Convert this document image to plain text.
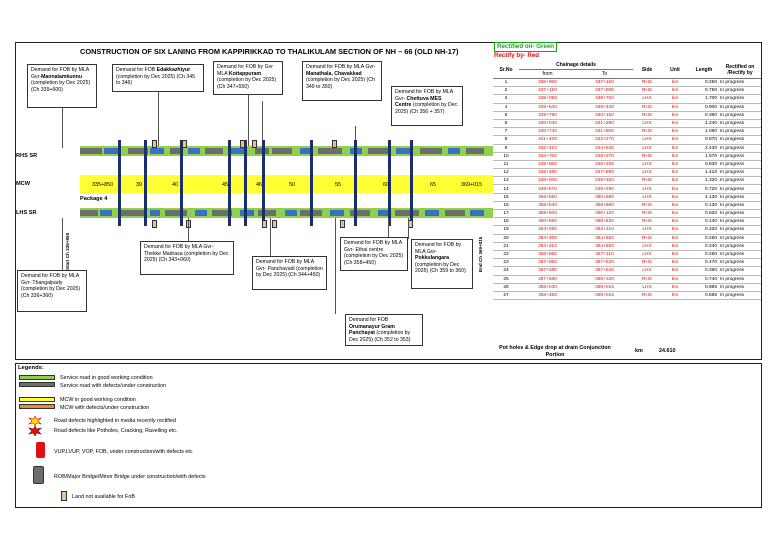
CONSTRUCTION OF SIX LANING FROM KAPPIRIKKAD TO THALIKULAM SECTION OF NH – 66 (OLD NH-17)
Rectified on- Green
Rectify by- Red
Demand for FOB by MLA Gvr-Mannalamkunnu (completion by Dec 2025) (Ch 339+600)
Demand for FOB Edakkazhiyur (completion by Dec 2025) (Ch 345 to 346)
Demand for FOB by Gvr MLA Kottappuram (completion by Dec 2025) (Ch 347+550)
Demand for FOB by MLA Gvr- Manathala, Chavakkad (completion by Dec 2025) (Ch 349 to 350)
Demand for FOB by MLA Gvr- Chettuva MES Centre (completion by Dec 2025) (Ch 356 + 357)
RHS SR
MCW
LHS SR
Package 4
335+850	39	40	45	46	50	55	60	65	369+015
Start Ch 335+850	End Ch 369+015
Demand for FOB by MLA Gvr- Thangalpady (completion by Dec 2025) (Ch 336+360)
Demand for FOB by MLA Gvr- Thekke Madrasa (completion by Dec 2025) (Ch 343+060)	Demand for FOB by MLA Gvr- Panchavadi (completion by Dec 2025) (Ch 344+450)
Demand for FOB by MLA Gvr- Ethai centre (completion by Dec 2025) (Ch 358+450)
Demand for FOB by MLA Gvr- Pokkulangara (completion by Dec 2025) (Ch 359 to 360)
Demand for FOB Orumanayur Gram Panchayat (completion by Dec 2025) (Ch 352 to 353)
Sr.No	Chainage details		Side	Unit	Length	Rectified on /Rectify by
	from	To				
1	336+900	337+150	RHS	km	0.250	In progress
2	337+150	337+900	RHS	km	0.750	In progress
3	338+050	339+750	LHS	km	1.700	In progress
4	338+540	339+440	RHS	km	0.900	In progress
5	339+790	340+150	RHS	km	0.360	In progress
6	340+040	341+280	LHS	km	1.240	In progress
7	340+740	341+800	RHS	km	1.060	In progress
8	341+400	342+270	LHS	km	0.870	In progress
9	342+410	344+840	LHS	km	2.430	In progress
10	344+700	346+270	RHS	km	1.570	In progress
11	345+500	346+330	LHS	km	0.830	In progress
12	346+480	347+890	LHS	km	1.410	In progress
13	348+000	349+320	RHS	km	1.320	In progress
14	348+570	349+290	LHS	km	0.720	In progress
15	356+550	360+680	LHS	km	4.130	In progress
16	358+530	358+660	RHS	km	0.130	In progress
17	359+500	360+120	RHS	km	0.620	In progress
18	360+690	360+830	RHS	km	0.140	In progress
19	364+090	364+310	LHS	km	0.220	In progress
20	364+400	364+650	RHS	km	0.250	In progress
21	364+410	364+650	LHS	km	0.240	In progress
22	366+860	367+110	LHS	km	0.250	In progress
23	367+050	367+520	RHS	km	0.470	In progress
24	367+280	367+640	LHS	km	0.360	In progress
25	367+580	368+320	RHS	km	0.740	In progress
26	368+030	369+015	LHS	km	0.985	In progress
27	368+350	369+015	RHS	km	0.665	In progress
Pot holes & Edge drop at drain Conjunction Portion
km	24.610
Legends:
Service road in good working condition
Service road with defects/under construction
MCW in good working condition
MCW with defects/under construction
Road defects highlighted in media recently rectified
Road defects like Potholes, Cracking, Ravelling etc.
VUP,LVUP, VOP, FOB, under construction/with defects etc
ROB/Major Bridge/Minor Bridge under construction/with defects
Land not available for FoB
